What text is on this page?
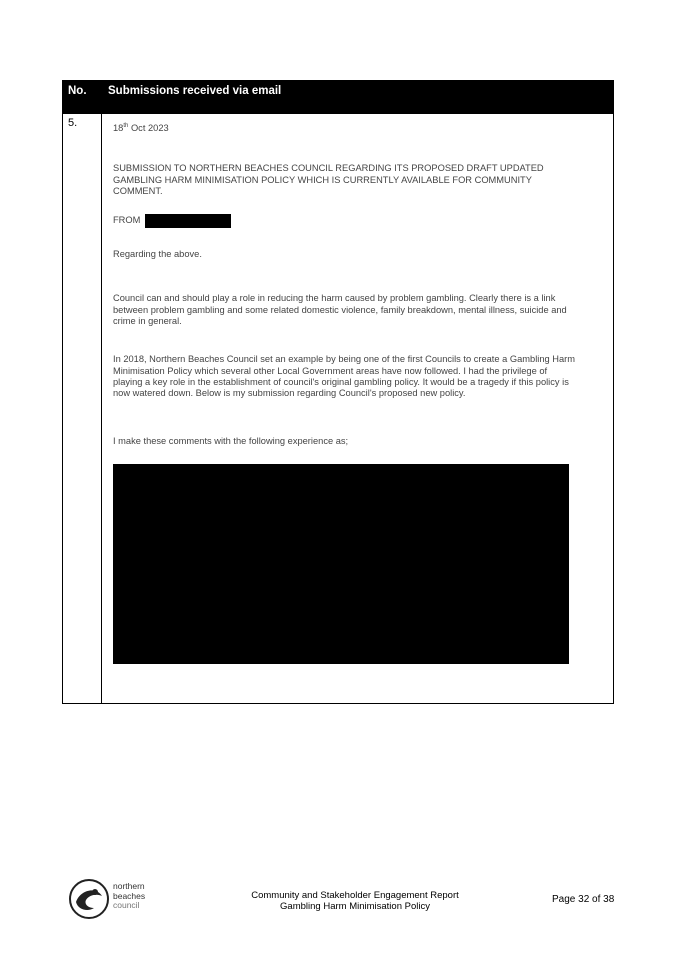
No. Submissions received via email
5.	18th Oct 2023

SUBMISSION TO NORTHERN BEACHES COUNCIL REGARDING ITS PROPOSED DRAFT UPDATED GAMBLING HARM MINIMISATION POLICY WHICH IS CURRENTLY AVAILABLE FOR COMMUNITY COMMENT.

FROM
Regarding the above.

Council can and should play a role in reducing the harm caused by problem gambling. Clearly there is a link between problem gambling and some related domestic violence, family breakdown, mental illness, suicide and crime in general.

In 2018, Northern Beaches Council set an example by being one of the first Councils to create a Gambling Harm Minimisation Policy which several other Local Government areas have now followed. I had the privilege of playing a key role in the establishment of council's original gambling policy. It would be a tragedy if this policy is now watered down. Below is my submission regarding Council's proposed new policy.

I make these comments with the following experience as;
northern
beaches
council
Community and Stakeholder Engagement Report
Gambling Harm Minimisation Policy
Page 32 of 38
